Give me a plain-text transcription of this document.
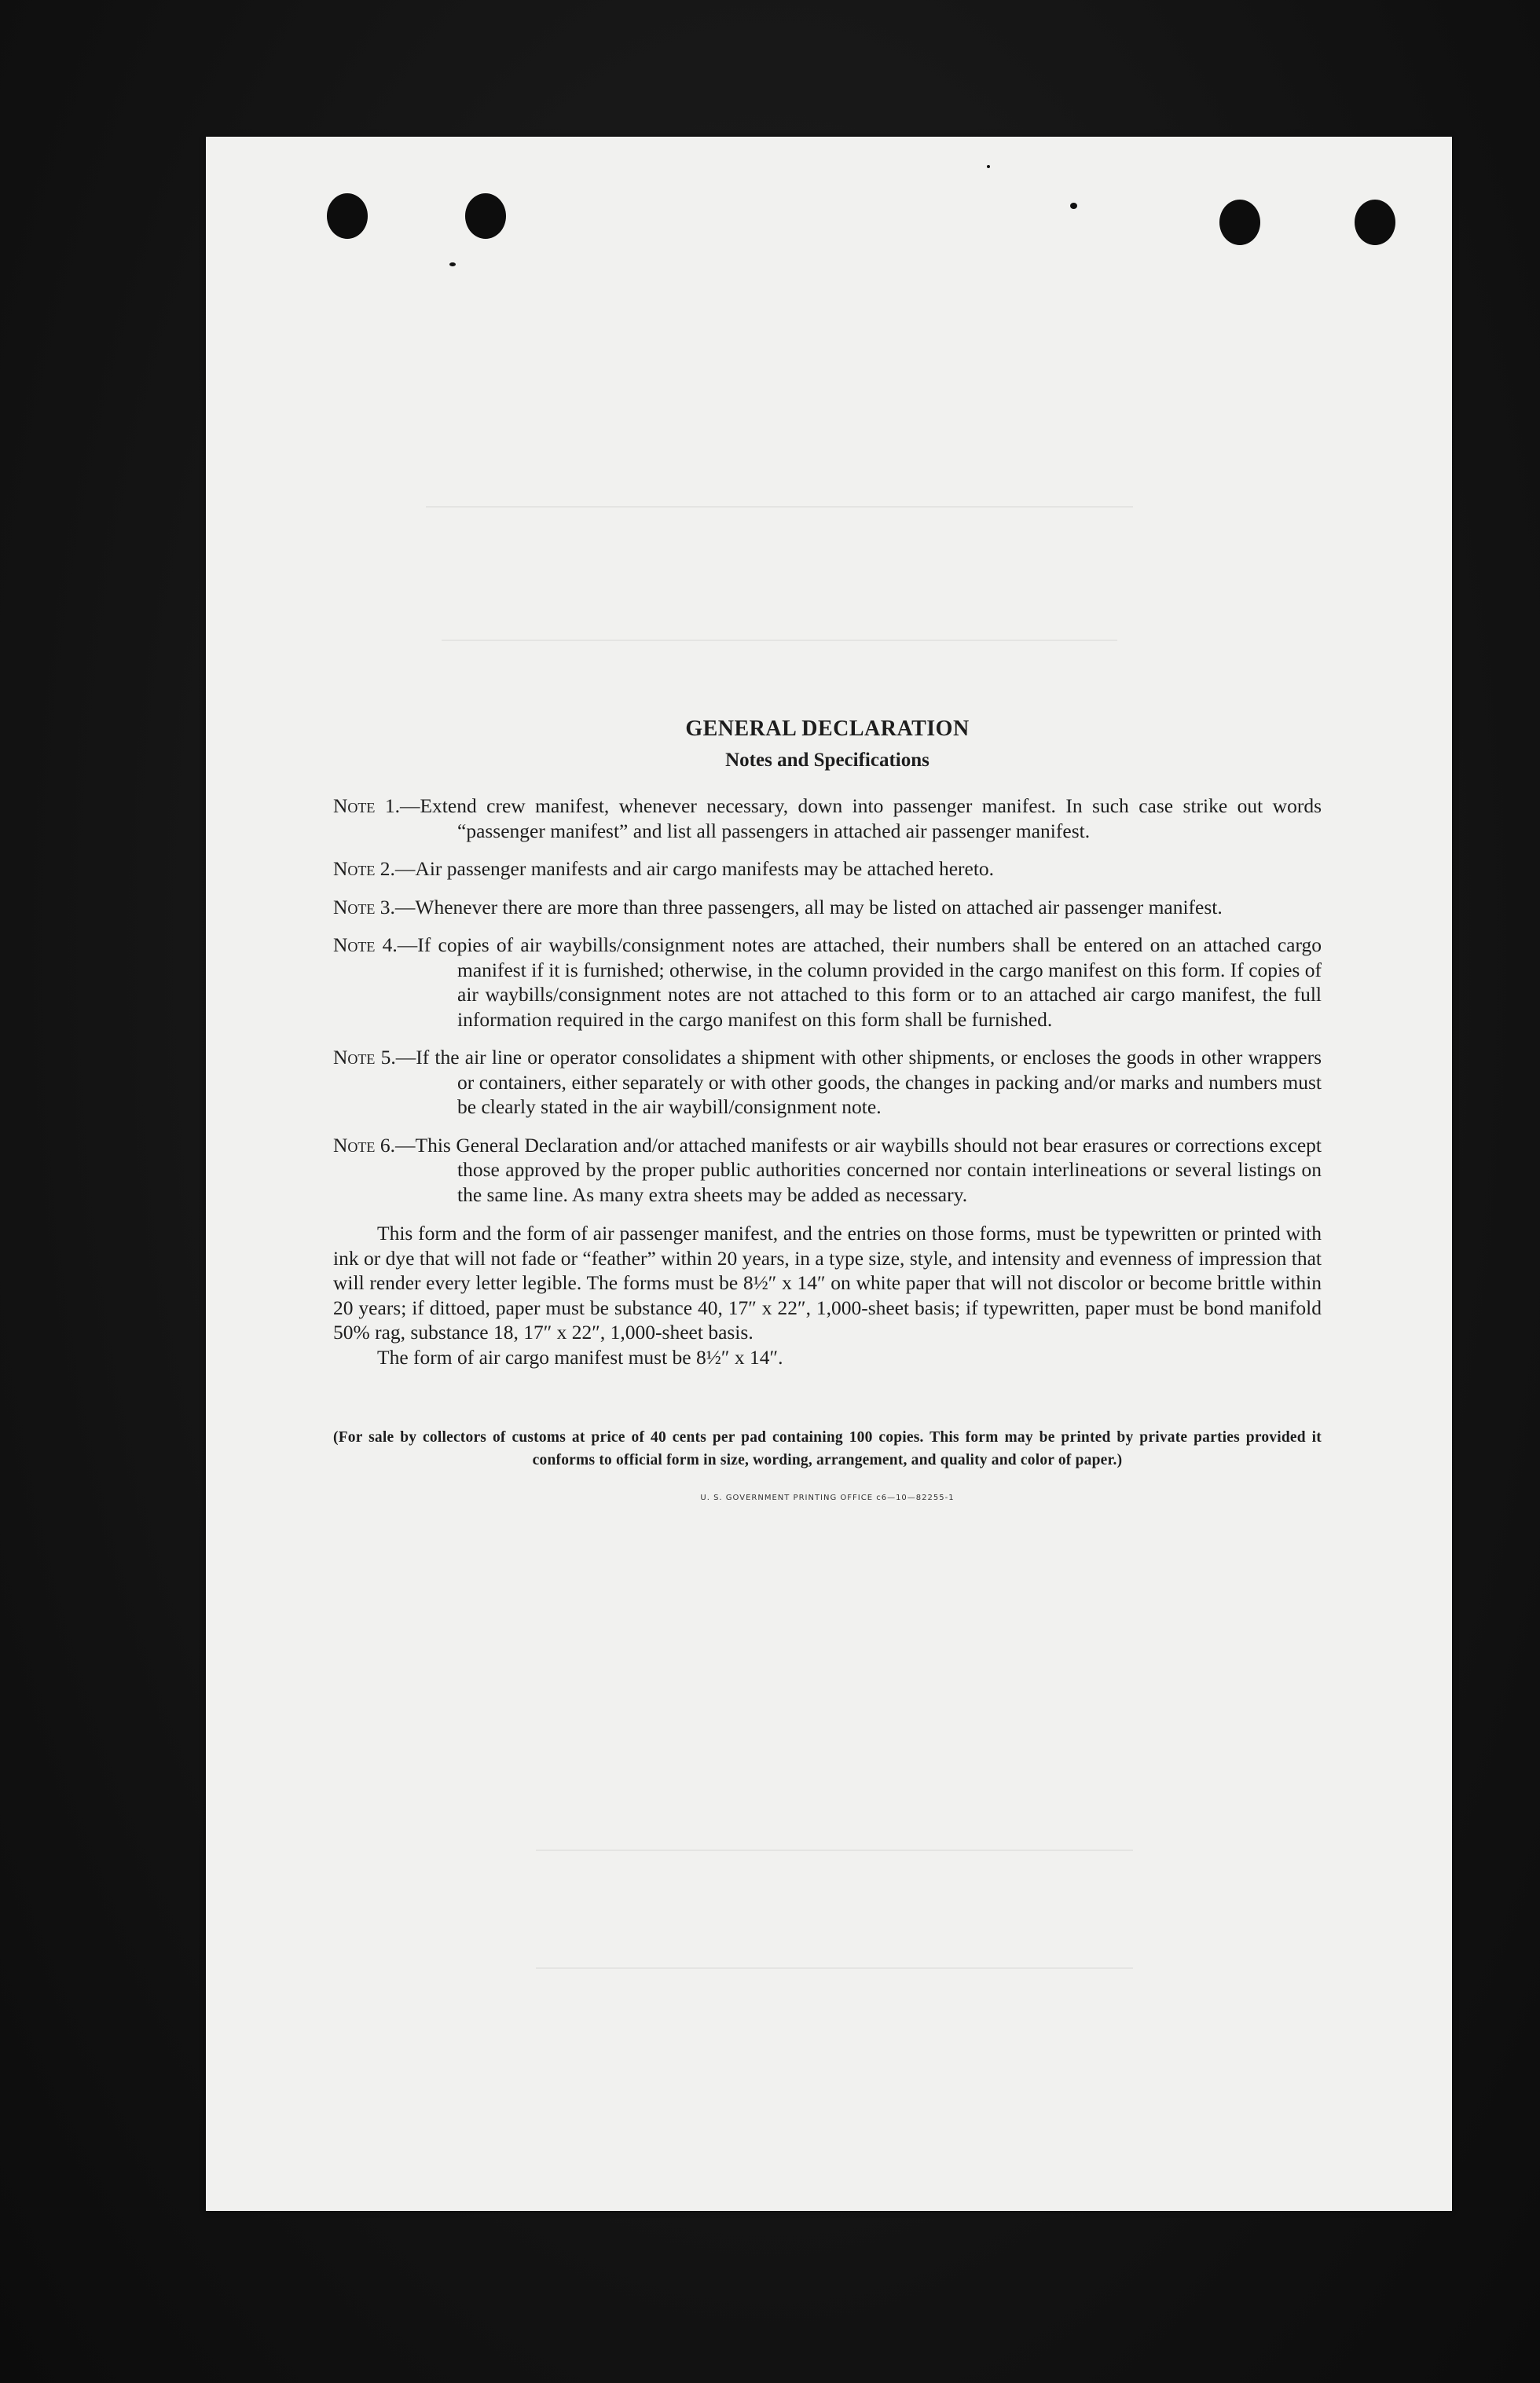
GENERAL DECLARATION
Notes and Specifications
Note 1.—Extend crew manifest, whenever necessary, down into passenger manifest. In such case strike out words “passenger manifest” and list all passengers in attached air passenger manifest.
Note 2.—Air passenger manifests and air cargo manifests may be attached hereto.
Note 3.—Whenever there are more than three passengers, all may be listed on attached air passenger manifest.
Note 4.—If copies of air waybills/consignment notes are attached, their numbers shall be entered on an attached cargo manifest if it is furnished; otherwise, in the column provided in the cargo manifest on this form. If copies of air waybills/consignment notes are not attached to this form or to an attached air cargo manifest, the full information required in the cargo manifest on this form shall be furnished.
Note 5.—If the air line or operator consolidates a shipment with other shipments, or encloses the goods in other wrappers or containers, either separately or with other goods, the changes in packing and/or marks and numbers must be clearly stated in the air waybill/consignment note.
Note 6.—This General Declaration and/or attached manifests or air waybills should not bear erasures or corrections except those approved by the proper public authorities concerned nor contain interlineations or several listings on the same line. As many extra sheets may be added as necessary.

This form and the form of air passenger manifest, and the entries on those forms, must be typewritten or printed with ink or dye that will not fade or “feather” within 20 years, in a type size, style, and intensity and evenness of impression that will render every letter legible. The forms must be 8½″ x 14″ on white paper that will not discolor or become brittle within 20 years; if dittoed, paper must be substance 40, 17″ x 22″, 1,000-sheet basis; if typewritten, paper must be bond manifold 50% rag, substance 18, 17″ x 22″, 1,000-sheet basis.

The form of air cargo manifest must be 8½″ x 14″.

(For sale by collectors of customs at price of 40 cents per pad containing 100 copies. This form may be printed by private parties provided it conforms to official form in size, wording, arrangement, and quality and color of paper.)

U. S. GOVERNMENT PRINTING OFFICE c6—10—82255-1
